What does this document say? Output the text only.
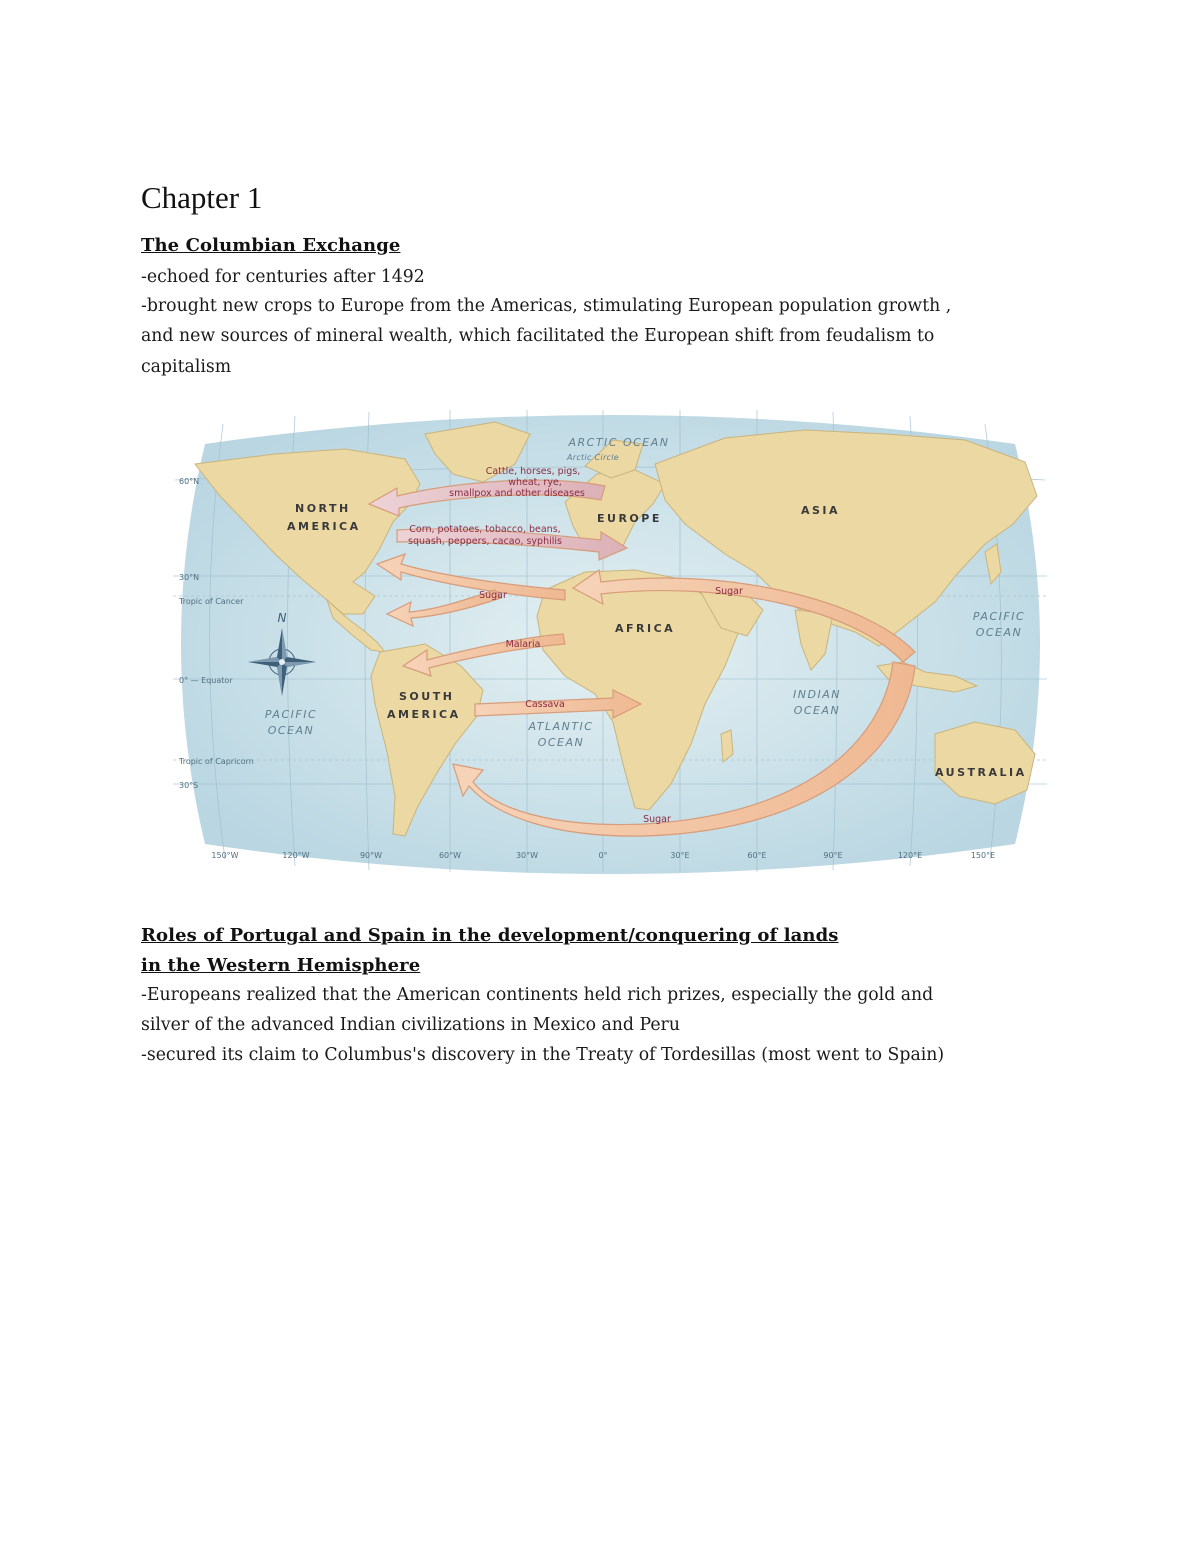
Chapter 1
The Columbian Exchange

-echoed for centuries after 1492

-brought new crops to Europe from the Americas, stimulating European population growth ,

and new sources of mineral wealth, which facilitated the European shift from feudalism to

capitalism

Cattle, horses, pigs,
wheat, rye,
smallpox and other diseases
Corn, potatoes, tobacco, beans,
squash, peppers, cacao, syphilis
Sugar	Sugar
Sugar
Malaria
Cassava
NORTH
AMERICA
EUROPE
ASIA
AFRICA
SOUTH
AMERICA
AUSTRALIA
ARCTIC OCEAN
Arctic Circle
PACIFIC
OCEAN
PACIFIC
OCEAN	ATLANTIC
OCEAN
INDIAN
OCEAN
60°N
30°N
Tropic of Cancer
0° — Equator
Tropic of Capricorn
30°S
150°W	120°W	90°W	60°W	30°W	0°	30°E	60°E	90°E	120°E	150°E
N
Roles of Portugal and Spain in the development/conquering of lands
in the Western Hemisphere

-Europeans realized that the American continents held rich prizes, especially the gold and

silver of the advanced Indian civilizations in Mexico and Peru

-secured its claim to Columbus's discovery in the Treaty of Tordesillas (most went to Spain)
